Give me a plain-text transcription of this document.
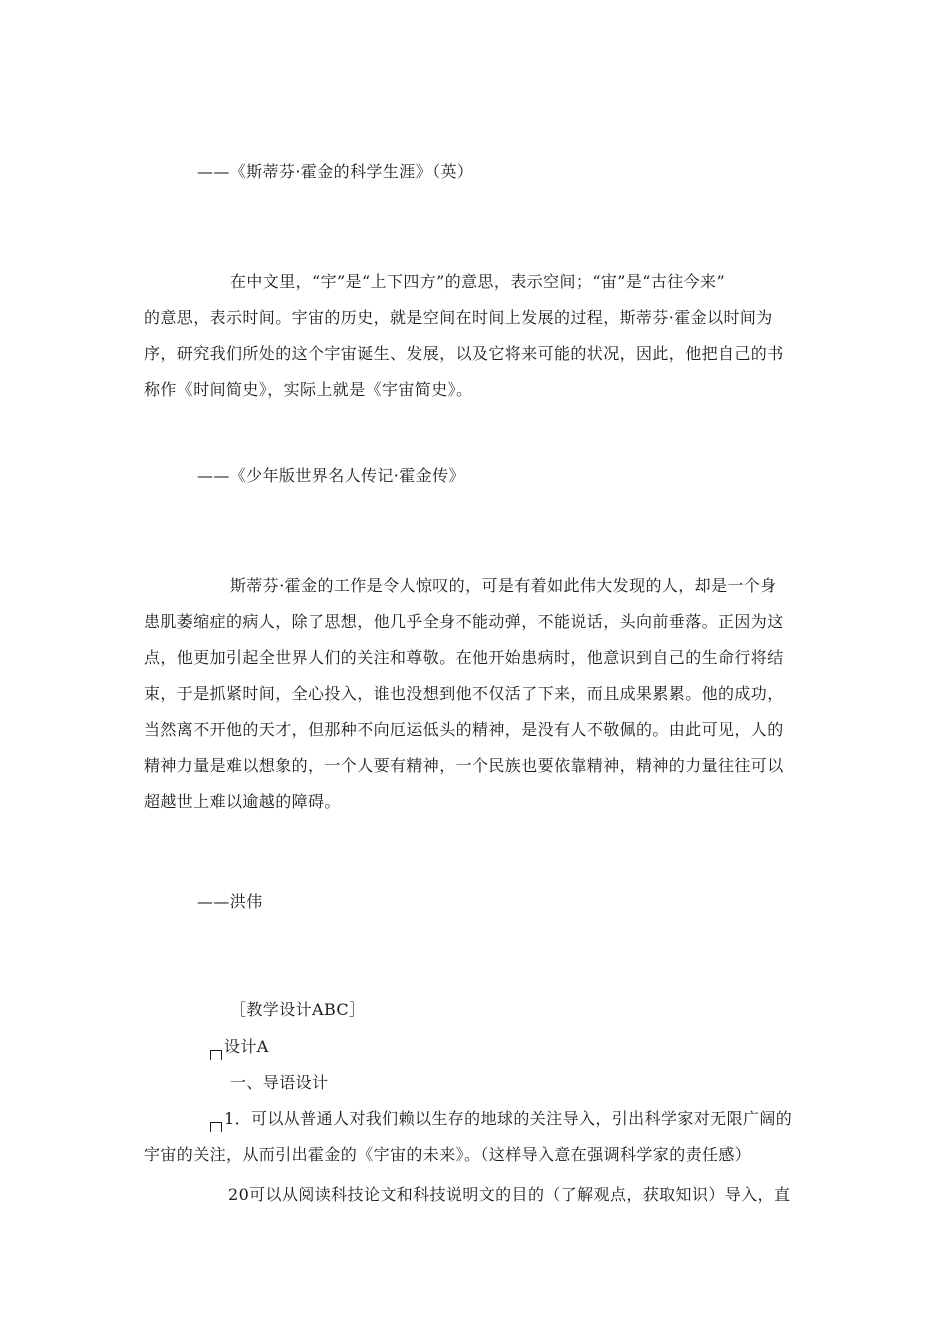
——《斯蒂芬·霍金的科学生涯》（英）
在中文里，“宇”是“上下四方”的意思，表示空间；“宙”是“古往今来”
的意思，表示时间。宇宙的历史，就是空间在时间上发展的过程，斯蒂芬·霍金以时间为
序，研究我们所处的这个宇宙诞生、发展，以及它将来可能的状况，因此，他把自己的书
称作《时间简史》，实际上就是《宇宙简史》。
——《少年版世界名人传记·霍金传》
斯蒂芬·霍金的工作是令人惊叹的，可是有着如此伟大发现的人，却是一个身
患肌萎缩症的病人，除了思想，他几乎全身不能动弹，不能说话，头向前垂落。正因为这
点，他更加引起全世界人们的关注和尊敬。在他开始患病时，他意识到自己的生命行将结
束，于是抓紧时间，全心投入，谁也没想到他不仅活了下来，而且成果累累。他的成功，
当然离不开他的天才，但那种不向厄运低头的精神，是没有人不敬佩的。由此可见，人的
精神力量是难以想象的，一个人要有精神，一个民族也要依靠精神，精神的力量往往可以
超越世上难以逾越的障碍。
——洪伟
［教学设计ABC］
设计A
一、导语设计
1．可以从普通人对我们赖以生存的地球的关注导入，引出科学家对无限广阔的
宇宙的关注，从而引出霍金的《宇宙的未来》。（这样导入意在强调科学家的责任感）
20可以从阅读科技论文和科技说明文的目的（了解观点，获取知识）导入，直
